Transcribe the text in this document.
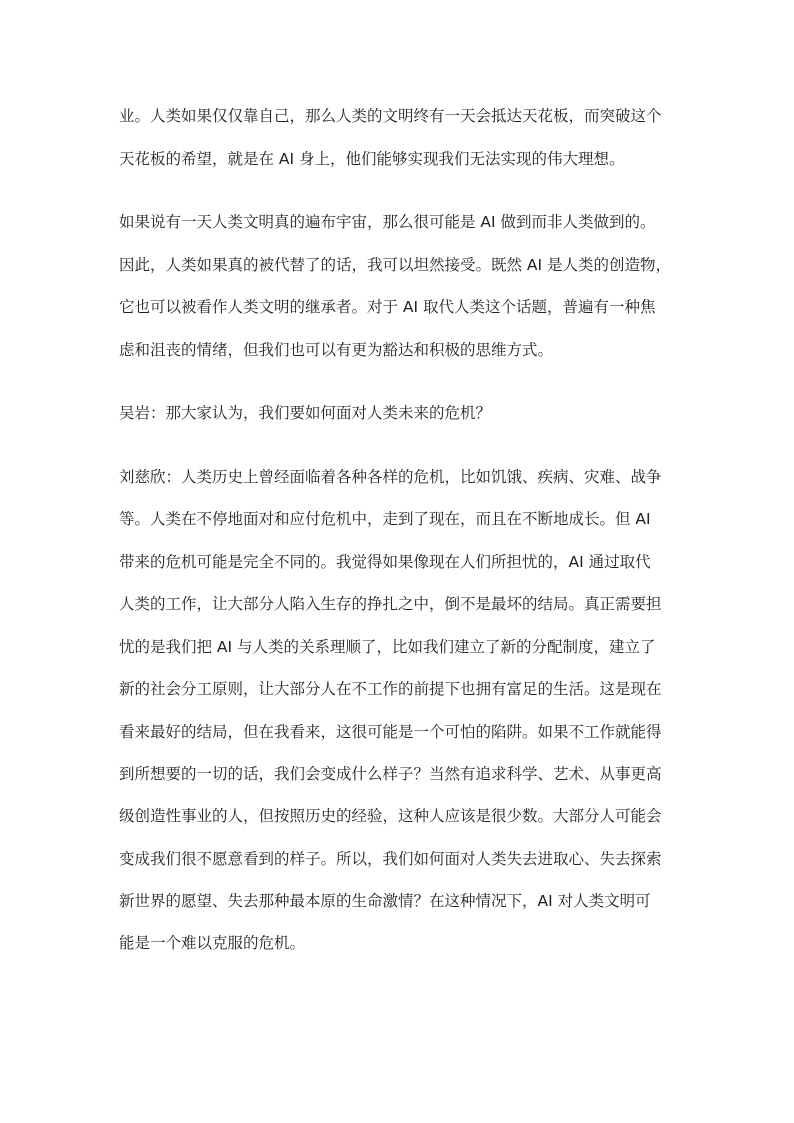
业。人类如果仅仅靠自己，那么人类的文明终有一天会抵达天花板，而突破这个
天花板的希望，就是在 AI 身上，他们能够实现我们无法实现的伟大理想。
如果说有一天人类文明真的遍布宇宙，那么很可能是 AI 做到而非人类做到的。
因此，人类如果真的被代替了的话，我可以坦然接受。既然 AI 是人类的创造物，
它也可以被看作人类文明的继承者。对于 AI 取代人类这个话题，普遍有一种焦
虑和沮丧的情绪，但我们也可以有更为豁达和积极的思维方式。
吴岩：那大家认为，我们要如何面对人类未来的危机？
刘慈欣：人类历史上曾经面临着各种各样的危机，比如饥饿、疾病、灾难、战争
等。人类在不停地面对和应付危机中，走到了现在，而且在不断地成长。但 AI
带来的危机可能是完全不同的。我觉得如果像现在人们所担忧的，AI 通过取代
人类的工作，让大部分人陷入生存的挣扎之中，倒不是最坏的结局。真正需要担
忧的是我们把 AI 与人类的关系理顺了，比如我们建立了新的分配制度，建立了
新的社会分工原则，让大部分人在不工作的前提下也拥有富足的生活。这是现在
看来最好的结局，但在我看来，这很可能是一个可怕的陷阱。如果不工作就能得
到所想要的一切的话，我们会变成什么样子？当然有追求科学、艺术、从事更高
级创造性事业的人，但按照历史的经验，这种人应该是很少数。大部分人可能会
变成我们很不愿意看到的样子。所以，我们如何面对人类失去进取心、失去探索
新世界的愿望、失去那种最本原的生命激情？在这种情况下，AI 对人类文明可
能是一个难以克服的危机。
